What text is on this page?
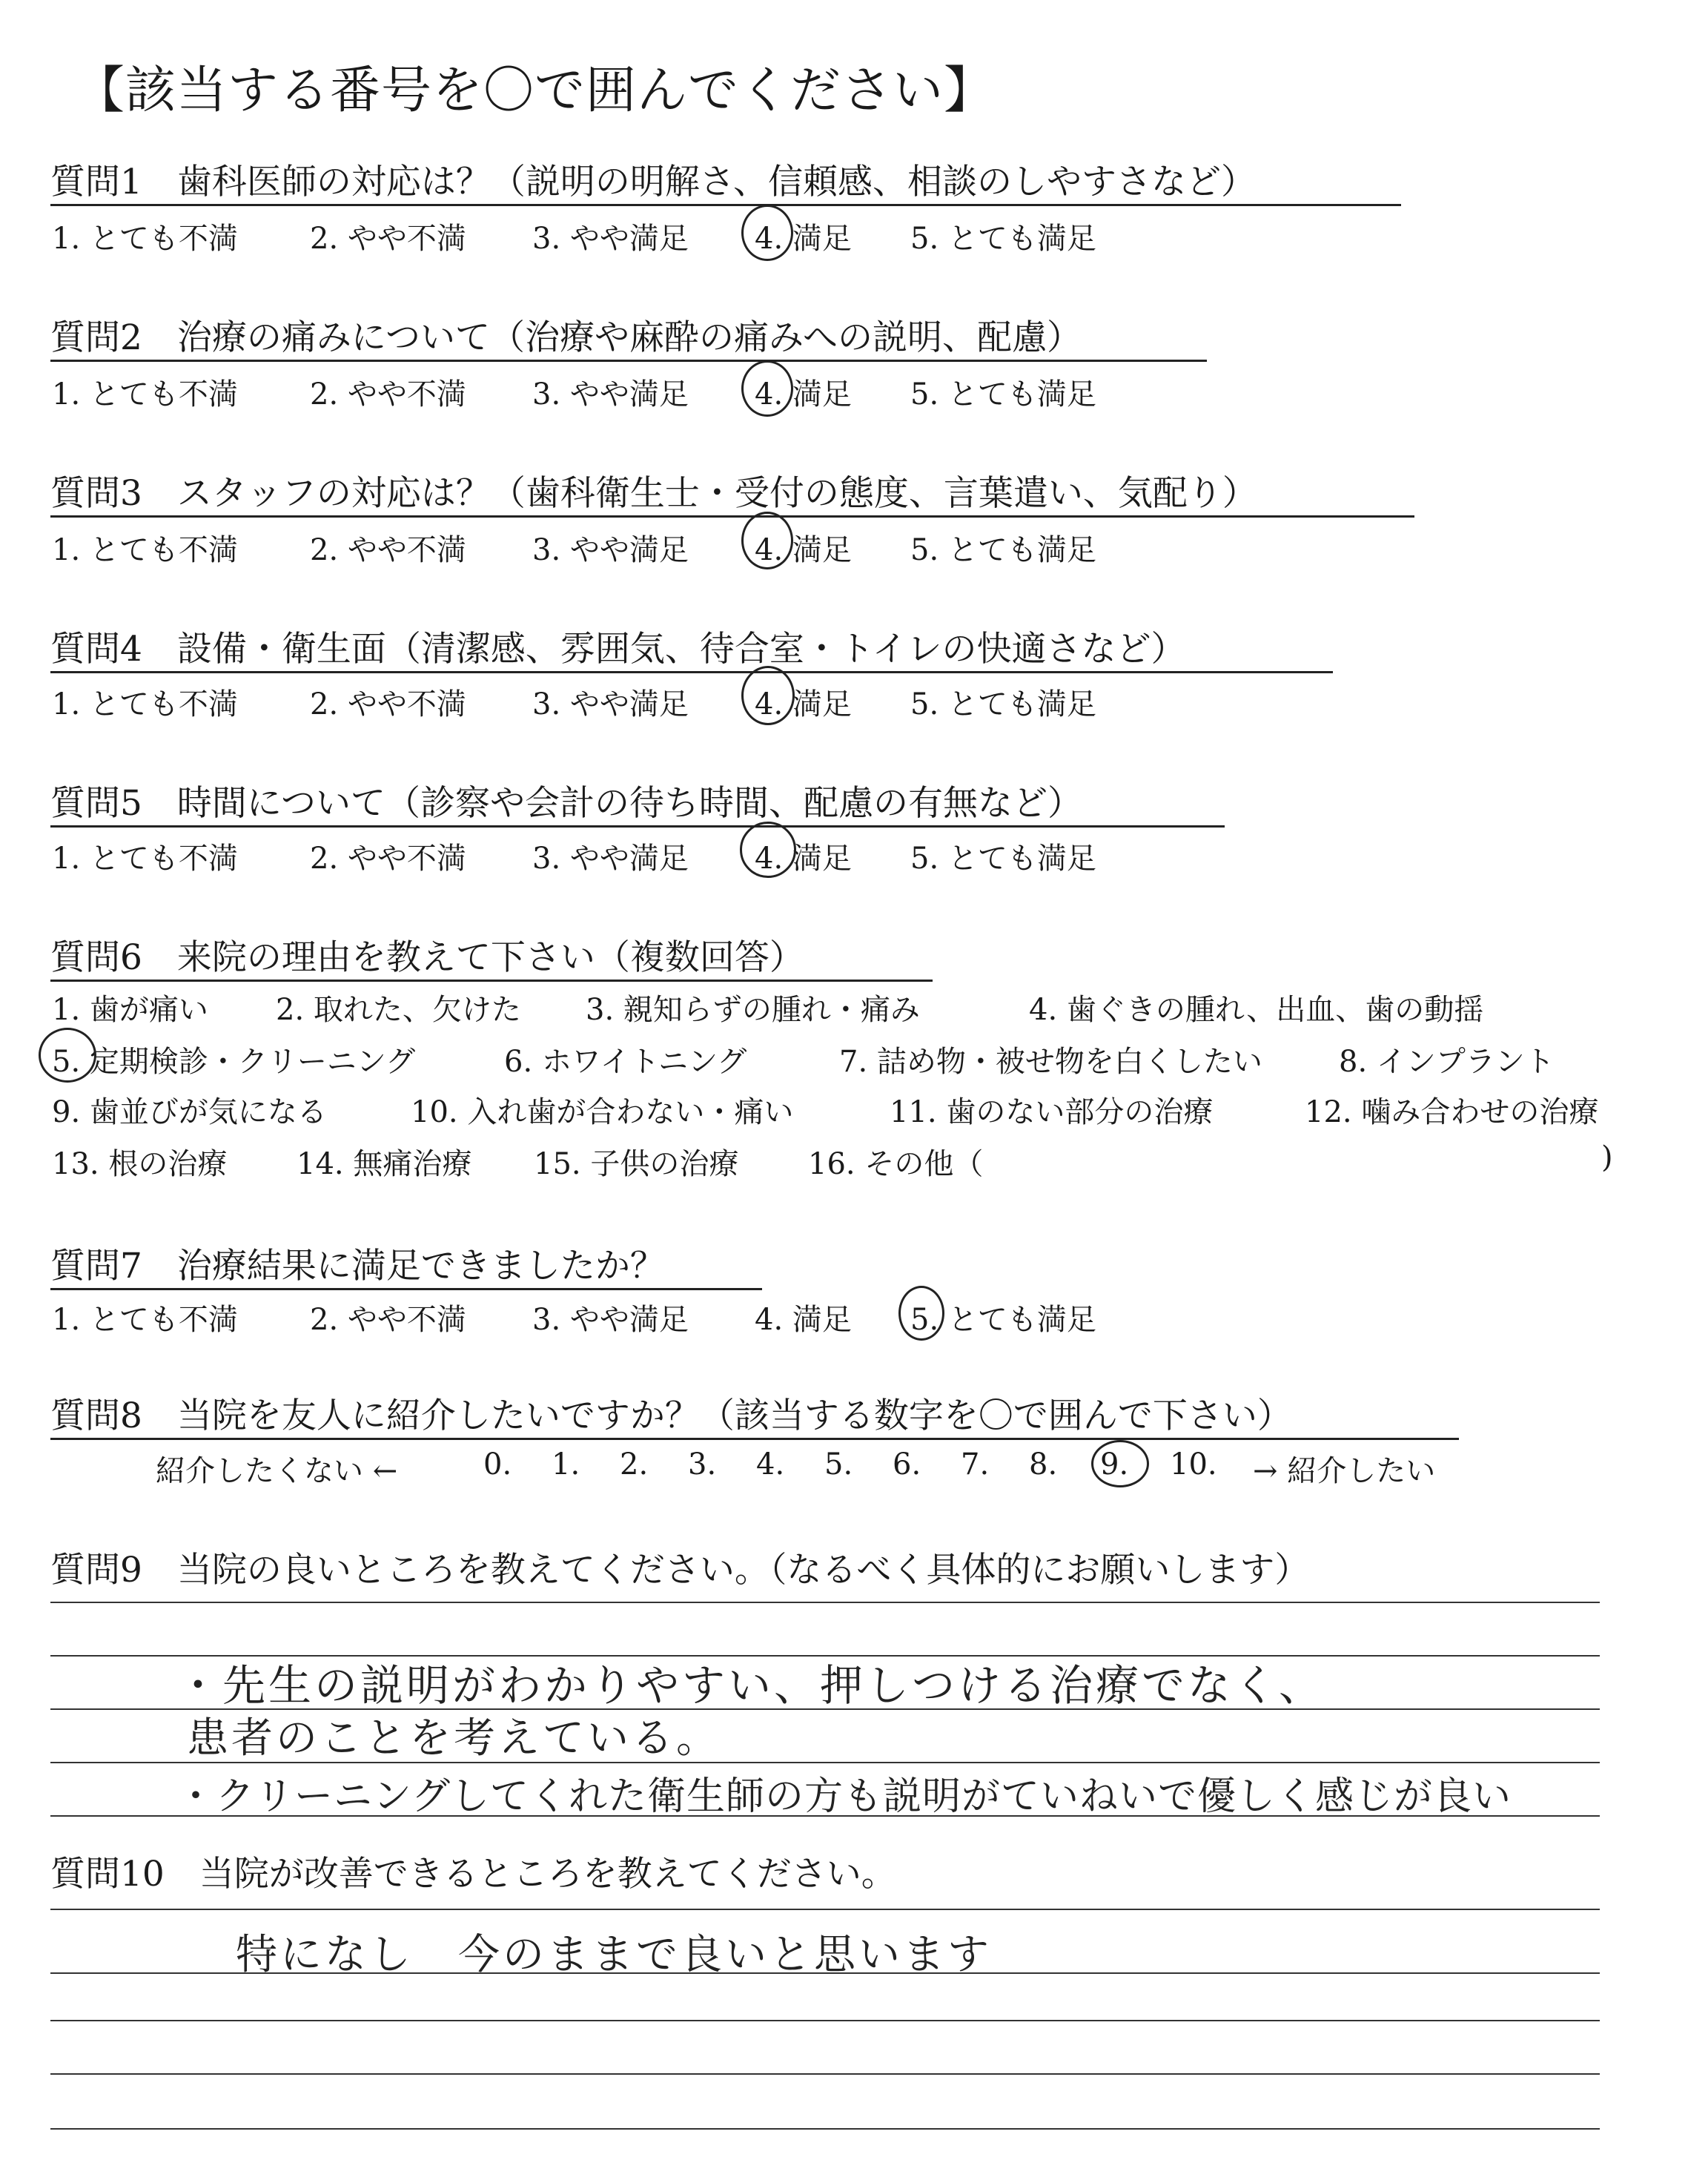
【該当する番号を〇で囲んでください】
質問1　歯科医師の対応は？（説明の明解さ、信頼感、相談のしやすさなど）
1. とても不満 2. やや不満 3. やや満足 4. 満足 5. とても満足
質問2　治療の痛みについて（治療や麻酔の痛みへの説明、配慮）
1. とても不満 2. やや不満 3. やや満足 4. 満足 5. とても満足
質問3　スタッフの対応は？（歯科衛生士・受付の態度、言葉遣い、気配り）
1. とても不満 2. やや不満 3. やや満足 4. 満足 5. とても満足
質問4　設備・衛生面（清潔感、雰囲気、待合室・トイレの快適さなど）
1. とても不満 2. やや不満 3. やや満足 4. 満足 5. とても満足
質問5　時間について（診察や会計の待ち時間、配慮の有無など）
1. とても不満 2. やや不満 3. やや満足 4. 満足 5. とても満足
質問6　来院の理由を教えて下さい（複数回答）
1. 歯が痛い 2. 取れた、欠けた 3. 親知らずの腫れ・痛み	4. 歯ぐきの腫れ、出血、歯の動揺
5. 定期検診・クリーニング	6. ホワイトニング	7. 詰め物・被せ物を白くしたい	8. インプラント
9. 歯並びが気になる	10. 入れ歯が合わない・痛い	11. 歯のない部分の治療	12. 噛み合わせの治療
13. 根の治療 14. 無痛治療 15. 子供の治療 16. その他（	)
質問7　治療結果に満足できましたか？
1. とても不満 2. やや不満 3. やや満足 4. 満足 5. とても満足
質問8　当院を友人に紹介したいですか？（該当する数字を〇で囲んで下さい）
紹介したくない ←	0. 1. 2. 3. 4. 5. 6. 7. 8. 9. 10. → 紹介したい
質問9　当院の良いところを教えてください。（なるべく具体的にお願いします）
・先生の説明がわかりやすい、押しつける治療でなく、
患者のことを考えている。
・クリーニングしてくれた衛生師の方も説明がていねいで優しく感じが良い
質問10　当院が改善できるところを教えてください。
特になし　今のままで良いと思います
